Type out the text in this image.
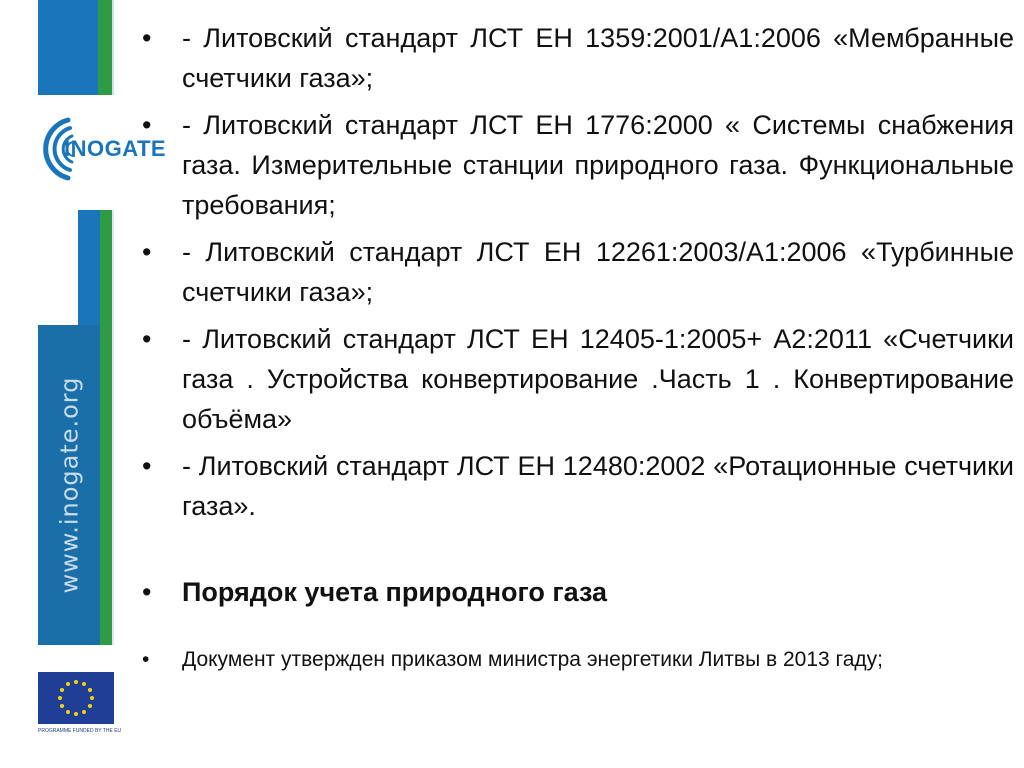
INOGATE
www.inogate.org
PROGRAMME FUNDED BY THE EU
•	- Литовский стандарт ЛСТ ЕН 1359:2001/А1:2006 «Мембранные счетчики газа»;
•	- Литовский стандарт ЛСТ ЕН 1776:2000 « Системы снабжения газа. Измерительные станции природного газа. Функциональные требования;
•	- Литовский стандарт ЛСТ ЕН 12261:2003/А1:2006 «Турбинные счетчики газа»;
•	- Литовский стандарт ЛСТ ЕН 12405-1:2005+ А2:2011 «Счетчики газа . Устройства конвертирование .Часть 1 . Конвертирование объёма»
•	- Литовский стандарт ЛСТ ЕН 12480:2002 «Ротационные счетчики газа».
•	Порядок учета природного газа
•	Документ утвержден приказом министра энергетики Литвы в 2013 гаду;
